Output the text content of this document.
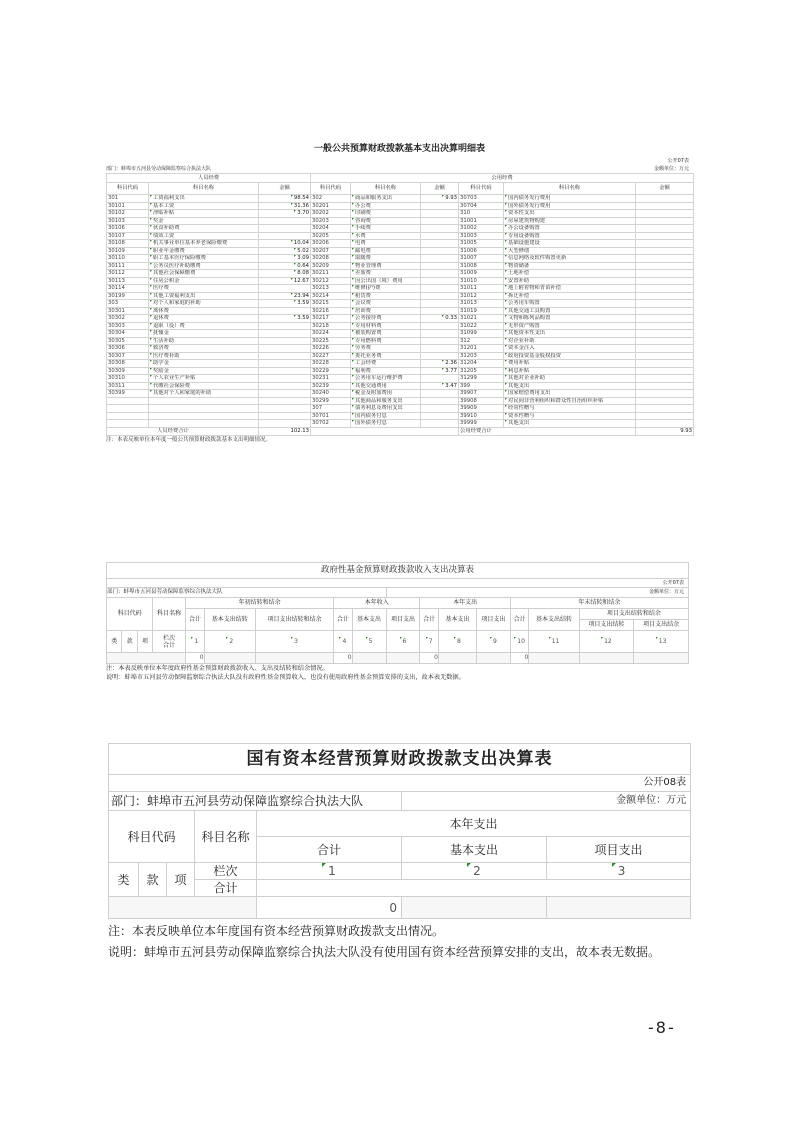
一般公共预算财政拨款基本支出决算明细表
公开07表
部门：蚌埠市五河县劳动保障监察综合执法大队	金额单位：万元
人员经费			公用经费					
科目代码	科目名称	金额	科目代码	科目名称	金额	科目代码	科目名称	金额
301	工资福利支出	98.54	302	商品和服务支出	9.93	30703	国内债务发行费用	
30101	基本工资	31.36	30201	办公费		30704	国外债务发行费用	
30102	津贴补贴	3.70	30202	印刷费		310	资本性支出	
30103	奖金		30203	咨询费		31001	房屋建筑物购建	
30106	伙食补助费		30204	手续费		31002	办公设备购置	
30107	绩效工资		30205	水费		31003	专用设备购置	
30108	机关事业单位基本养老保险缴费	10.04	30206	电费		31005	基础设施建设	
30109	职业年金缴费	5.02	30207	邮电费		31006	大型修缮	
30110	职工基本医疗保险缴费	3.09	30208	取暖费		31007	信息网络及软件购置更新	
30111	公务员医疗补助缴费	0.64	30209	物业管理费		31008	物资储备	
30112	其他社会保障缴费	8.08	30211	差旅费		31009	土地补偿	
30113	住房公积金	12.67	30212	因公出国（境）费用		31010	安置补助	
30114	医疗费		30213	维修(护)费		31011	地上附着物和青苗补偿	
30199	其他工资福利支出	23.94	30214	租赁费		31012	拆迁补偿	
303	对个人和家庭的补助	3.59	30215	会议费		31013	公务用车购置	
30301	离休费		30216	培训费		31019	其他交通工具购置	
30302	退休费	3.59	30217	公务接待费	0.33	31021	文物和陈列品购置	
30303	退职（役）费		30218	专用材料费		31022	无形资产购置	
30304	抚恤金		30224	被装购置费		31099	其他资本性支出	
30305	生活补助		30225	专用燃料费		312	对企业补助	
30306	救济费		30226	劳务费		31201	资本金注入	
30307	医疗费补助		30227	委托业务费		31203	政府投资基金股权投资	
30308	助学金		30228	工会经费	2.36	31204	费用补贴	
30309	奖励金		30229	福利费	3.77	31205	利息补贴	
30310	个人农业生产补贴		30231	公务用车运行维护费		31299	其他对企业补助	
30311	代缴社会保险费		30239	其他交通费用	3.47	399	其他支出	
30399	其他对个人和家庭的补助		30240	税金及附加费用		39907	国家赔偿费用支出	
			30299	其他商品和服务支出		39908	对民间非营利组织和群众性自治组织补贴	
			307	债务利息及费用支出		39909	经常性赠与	
			30701	国内债务付息		39910	资本性赠与	
			30702	国外债务付息		39999	其他支出	
人员经费合计		102.13				公用经费合计		9.93
注：本表反映单位本年度一般公共预算财政拨款基本支出明细情况。
政府性基金预算财政拨款收入支出决算表																
公开07表																
部门：蚌埠市五河县劳动保障监察综合执法大队									金额单位：万元							
科目代码			科目名称	年初结转和结余			本年收入			本年支出			年末结转和结余			
				合计	基本支出结转	项目支出结转和结余	合计	基本支出	项目支出	合计	基本支出	项目支出	合计	基本支出结转	项目支出结转和结余	
															项目支出结转	项目支出结余
类	款	项	栏次
合计	1	2	3	4	5	6	7	8	9	10	11	12	13
				0			0			0			0			
注：本表反映单位本年度政府性基金预算财政拨款收入、支出及结转和结余情况。
说明：蚌埠市五河县劳动保障监察综合执法大队没有政府性基金预算收入，也没有使用政府性基金预算安排的支出，故本表无数据。
国有资本经营预算财政拨款支出决算表						
公开08表						
部门：蚌埠市五河县劳动保障监察综合执法大队					金额单位：万元	
科目代码			科目名称	本年支出		
				合计	基本支出	项目支出
类	款	项	栏次	1	2	3
			合计			
				0		
注：本表反映单位本年度国有资本经营预算财政拨款支出情况。
说明：蚌埠市五河县劳动保障监察综合执法大队没有使用国有资本经营预算安排的支出，故本表无数据。
-8-
